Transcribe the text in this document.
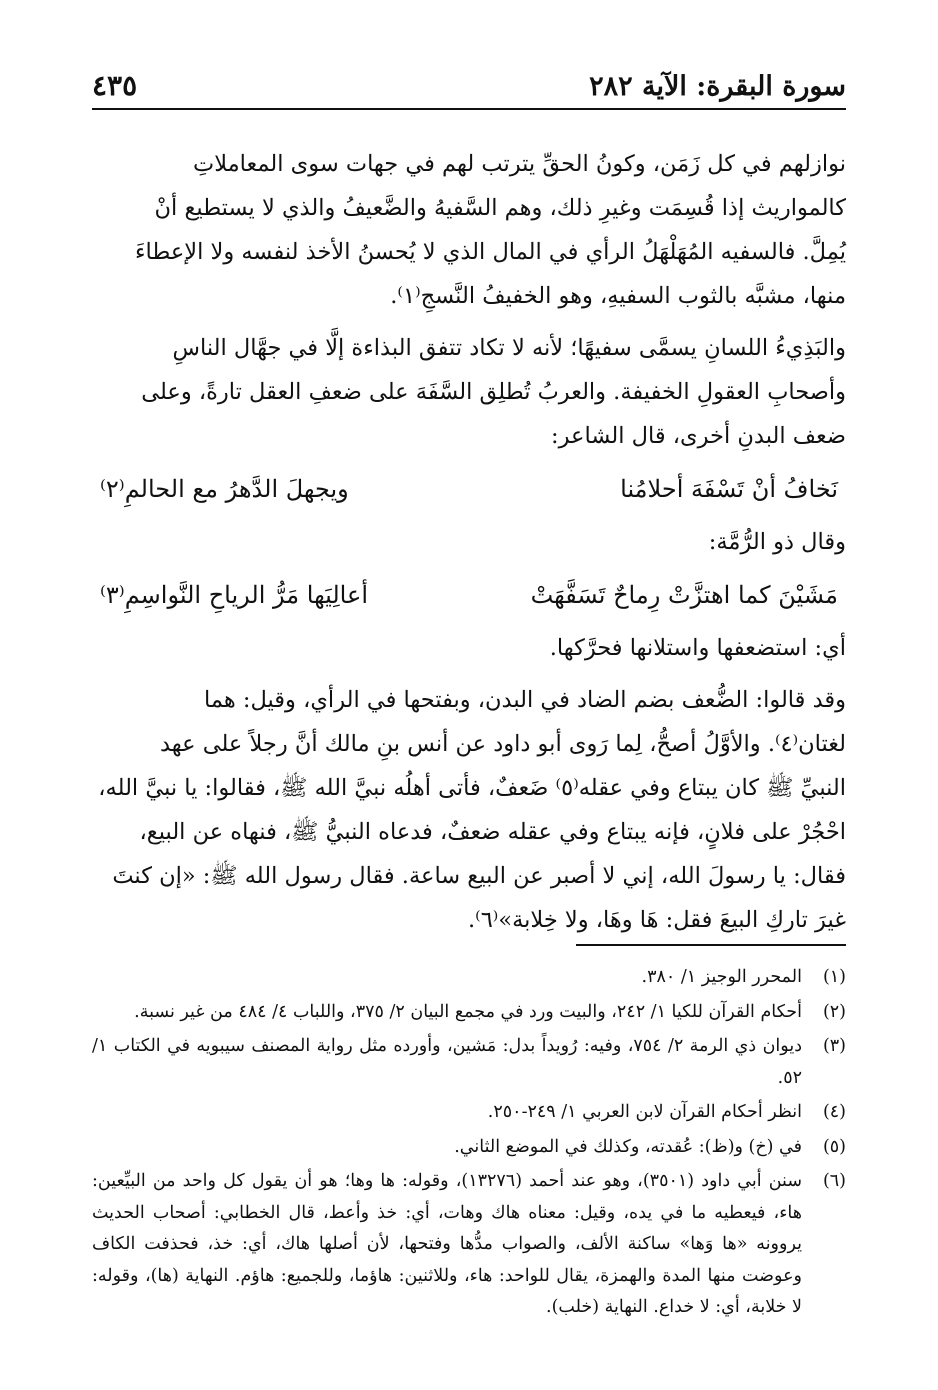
سورة البقرة: الآية ٢٨٢
٤٣٥

نوازلهم في كل زَمَن، وكونُ الحقِّ يترتب لهم في جهات سوى المعاملاتِ
كالمواريث إذا قُسِمَت وغيرِ ذلك، وهم السَّفيهُ والضَّعيفُ والذي لا يستطيع أنْ
يُمِلَّ. فالسفيه المُهَلْهَلُ الرأي في المال الذي لا يُحسنُ الأخذ لنفسه ولا الإعطاءَ
منها، مشبَّه بالثوب السفيهِ، وهو الخفيفُ النَّسجِ⁽١⁾.

والبَذِيءُ اللسانِ يسمَّى سفيهًا؛ لأنه لا تكاد تتفق البذاءة إلَّا في جهَّال الناسِ
وأصحابِ العقولِ الخفيفة. والعربُ تُطلِق السَّفَهَ على ضعفِ العقل تارةً، وعلى
ضعف البدنِ أخرى، قال الشاعر:

نَخافُ أنْ تَسْفَهَ أحلامُنا
ويجهلَ الدَّهرُ مع الحالمِ⁽٢⁾

وقال ذو الرُّمَّة:

مَشَيْنَ كما اهتزَّتْ رِماحٌ تَسَفَّهَتْ
أعالِيَها مَرُّ الرياحِ النَّواسِمِ⁽٣⁾

أي: استضعفها واستلانها فحرَّكها.

وقد قالوا: الضُّعف بضم الضاد في البدن، وبفتحها في الرأي، وقيل: هما
لغتان⁽٤⁾. والأوَّلُ أصحُّ، لِما رَوى أبو داود عن أنس بنِ مالك أنَّ رجلاً على عهد
النبيِّ ﷺ كان يبتاع وفي عقله⁽٥⁾ ضَعفٌ، فأتى أهلُه نبيَّ الله ﷺ، فقالوا: يا نبيَّ الله،
احْجُرْ على فلانٍ، فإنه يبتاع وفي عقله ضعفٌ، فدعاه النبيُّ ﷺ، فنهاه عن البيع،
فقال: يا رسولَ الله، إني لا أصبر عن البيع ساعة. فقال رسول الله ﷺ: «إن كنتَ
غيرَ تاركِ البيعَ فقل: هَا وهَا، ولا خِلابة»⁽٦⁾.

(١)
المحرر الوجيز ١/ ٣٨٠.
(٢)
أحكام القرآن للكيا ١/ ٢٤٢، والبيت ورد في مجمع البيان ٢/ ٣٧٥، واللباب ٤/ ٤٨٤ من غير نسبة.
(٣)
ديوان ذي الرمة ٢/ ٧٥٤، وفيه: رُويداً بدل: مَشين، وأورده مثل رواية المصنف سيبويه في الكتاب ١/ ٥٢.
(٤)
انظر أحكام القرآن لابن العربي ١/ ٢٤٩-٢٥٠.
(٥)
في (خ) و(ظ): عُقدته، وكذلك في الموضع الثاني.
(٦)
سنن أبي داود (٣٥٠١)، وهو عند أحمد (١٣٢٧٦)، وقوله: ها وها؛ هو أن يقول كل واحد من البيِّعين: هاء، فيعطيه ما في يده، وقيل: معناه هاك وهات، أي: خذ وأعط، قال الخطابي: أصحاب الحديث يروونه «ها وَها» ساكنة الألف، والصواب مدُّها وفتحها، لأن أصلها هاك، أي: خذ، فحذفت الكاف وعوضت منها المدة والهمزة، يقال للواحد: هاء، وللاثنين: هاؤما، وللجميع: هاؤم. النهاية (ها)، وقوله: لا خلابة، أي: لا خداع. النهاية (خلب).
